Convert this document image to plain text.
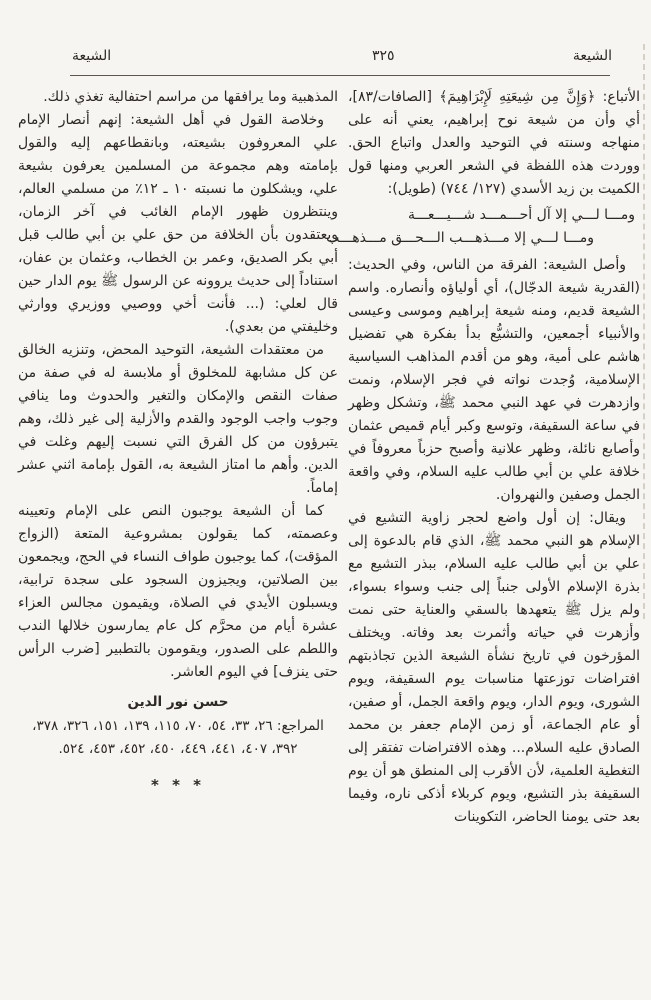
الشيعة
٣٢٥
الشيعة

الأتباع: ﴿وَإِنَّ مِن شِيعَتِهِ لَإِبْرَاهِيمَ﴾ [الصافات/٨٣]، أي وأن من شيعة نوح إبراهيم، يعني أنه على منهاجه وسنته في التوحيد والعدل واتباع الحق. ووردت هذه اللفظة في الشعر العربي ومنها قول الكميت بن زيد الأسدي (١٢٧/ ٧٤٤) (طويل):

ومـــا لـــي إلا آل أحـــمـــد شـــيـــعـــة
ومـــا لـــي إلا مـــذهـــب الـــحـــق مـــذهـــب

وأصل الشيعة: الفرقة من الناس، وفي الحديث: (القدرية شيعة الدجّال)، أي أولياؤه وأنصاره. واسم الشيعة قديم، ومنه شيعة إبراهيم وموسى وعيسى والأنبياء أجمعين، والتشيُّع بدأ بفكرة هي تفضيل هاشم على أمية، وهو من أقدم المذاهب السياسية الإسلامية، وُجدت نواته في فجر الإسلام، ونمت وازدهرت في عهد النبي محمد ﷺ، وتشكل وظهر في ساعة السقيفة، وتوسع وكبر أيام قميص عثمان وأصابع نائلة، وظهر علانية وأصبح حزباً معروفاً في خلافة علي بن أبي طالب عليه السلام، وفي واقعة الجمل وصفين والنهروان.

ويقال: إن أول واضع لحجر زاوية التشيع في الإسلام هو النبي محمد ﷺ، الذي قام بالدعوة إلى علي بن أبي طالب عليه السلام، ببذر التشيع مع بذرة الإسلام الأولى جنباً إلى جنب وسواء بسواء، ولم يزل ﷺ يتعهدها بالسقي والعناية حتى نمت وأزهرت في حياته وأثمرت بعد وفاته. ويختلف المؤرخون في تاريخ نشأة الشيعة الذين تجاذبتهم افتراضات توزعتها مناسبات يوم السقيفة، ويوم الشورى، ويوم الدار، ويوم واقعة الجمل، أو صفين، أو عام الجماعة، أو زمن الإمام جعفر بن محمد الصادق عليه السلام... وهذه الافتراضات تفتقر إلى التغطية العلمية، لأن الأقرب إلى المنطق هو أن يوم السقيفة بذر التشيع، ويوم كربلاء أذكى ناره، وفيما بعد حتى يومنا الحاضر، التكوينات

المذهبية وما يرافقها من مراسم احتفالية تغذي ذلك.

وخلاصة القول في أهل الشيعة: إنهم أنصار الإمام علي المعروفون بشيعته، وبانقطاعهم إليه والقول بإمامته وهم مجموعة من المسلمين يعرفون بشيعة علي، ويشكلون ما نسبته ١٠ ـ ١٢٪ من مسلمي العالم، وينتظرون ظهور الإمام الغائب في آخر الزمان، ويعتقدون بأن الخلافة من حق علي بن أبي طالب قبل أبي بكر الصديق، وعمر بن الخطاب، وعثمان بن عفان، استناداً إلى حديث يروونه عن الرسول ﷺ يوم الدار حين قال لعلي: (... فأنت أخي ووصيي ووزيري ووارثي وخليفتي من بعدي).

من معتقدات الشيعة، التوحيد المحض، وتنزيه الخالق عن كل مشابهة للمخلوق أو ملابسة له في صفة من صفات النقص والإمكان والتغير والحدوث وما ينافي وجوب واجب الوجود والقدم والأزلية إلى غير ذلك، وهم يتبرؤون من كل الفرق التي نسبت إليهم وغلت في الدين. وأهم ما امتاز الشيعة به، القول بإمامة اثني عشر إماماً.

كما أن الشيعة يوجبون النص على الإمام وتعيينه وعصمته، كما يقولون بمشروعية المتعة (الزواج المؤقت)، كما يوجبون طواف النساء في الحج، ويجمعون بين الصلاتين، ويجيزون السجود على سجدة ترابية، ويسبلون الأيدي في الصلاة، ويقيمون مجالس العزاء عشرة أيام من محرَّم كل عام يمارسون خلالها الندب واللطم على الصدور، ويقومون بالتطبير [ضرب الرأس حتى ينزف] في اليوم العاشر.

حسن نور الدين

المراجع: ٢٦، ٣٣، ٥٤، ٧٠، ١١٥، ١٣٩، ١٥١، ٣٢٦، ٣٧٨، ٣٩٢، ٤٠٧، ٤٤١، ٤٤٩، ٤٥٠، ٤٥٢، ٤٥٣، ٥٢٤.

* * *
